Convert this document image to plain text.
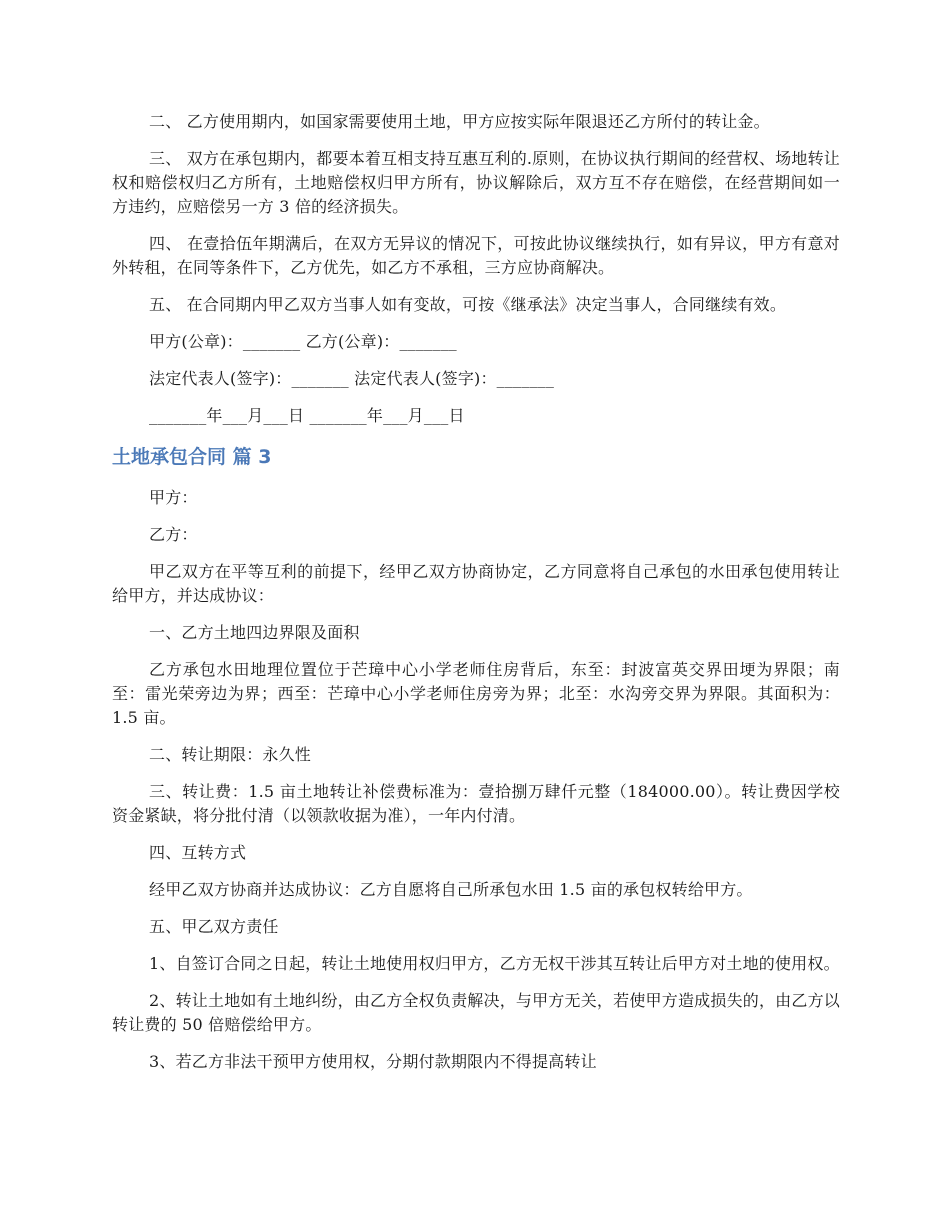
二、 乙方使用期内，如国家需要使用土地，甲方应按实际年限退还乙方所付的转让金。

三、 双方在承包期内，都要本着互相支持互惠互利的.原则，在协议执行期间的经营权、场地转让权和赔偿权归乙方所有，土地赔偿权归甲方所有，协议解除后，双方互不存在赔偿，在经营期间如一方违约，应赔偿另一方 3 倍的经济损失。

四、 在壹拾伍年期满后，在双方无异议的情况下，可按此协议继续执行，如有异议，甲方有意对外转租，在同等条件下，乙方优先，如乙方不承租，三方应协商解决。

五、 在合同期内甲乙双方当事人如有变故，可按《继承法》决定当事人，合同继续有效。

甲方(公章)：_______ 乙方(公章)：_______

法定代表人(签字)：_______ 法定代表人(签字)：_______

_______年___月___日 _______年___月___日

土地承包合同 篇 3

甲方：

乙方：

甲乙双方在平等互利的前提下，经甲乙双方协商协定，乙方同意将自己承包的水田承包使用转让给甲方，并达成协议：

一、乙方土地四边界限及面积

乙方承包水田地理位置位于芒璋中心小学老师住房背后，东至：封波富英交界田埂为界限；南至：雷光荣旁边为界；西至：芒璋中心小学老师住房旁为界；北至：水沟旁交界为界限。其面积为：1.5 亩。

二、转让期限：永久性

三、转让费：1.5 亩土地转让补偿费标准为：壹拾捌万肆仟元整（184000.00）。转让费因学校资金紧缺，将分批付清（以领款收据为准），一年内付清。

四、互转方式

经甲乙双方协商并达成协议：乙方自愿将自己所承包水田 1.5 亩的承包权转给甲方。

五、甲乙双方责任

1、自签订合同之日起，转让土地使用权归甲方，乙方无权干涉其互转让后甲方对土地的使用权。

2、转让土地如有土地纠纷，由乙方全权负责解决，与甲方无关，若使甲方造成损失的，由乙方以转让费的 50 倍赔偿给甲方。

3、若乙方非法干预甲方使用权，分期付款期限内不得提高转让
